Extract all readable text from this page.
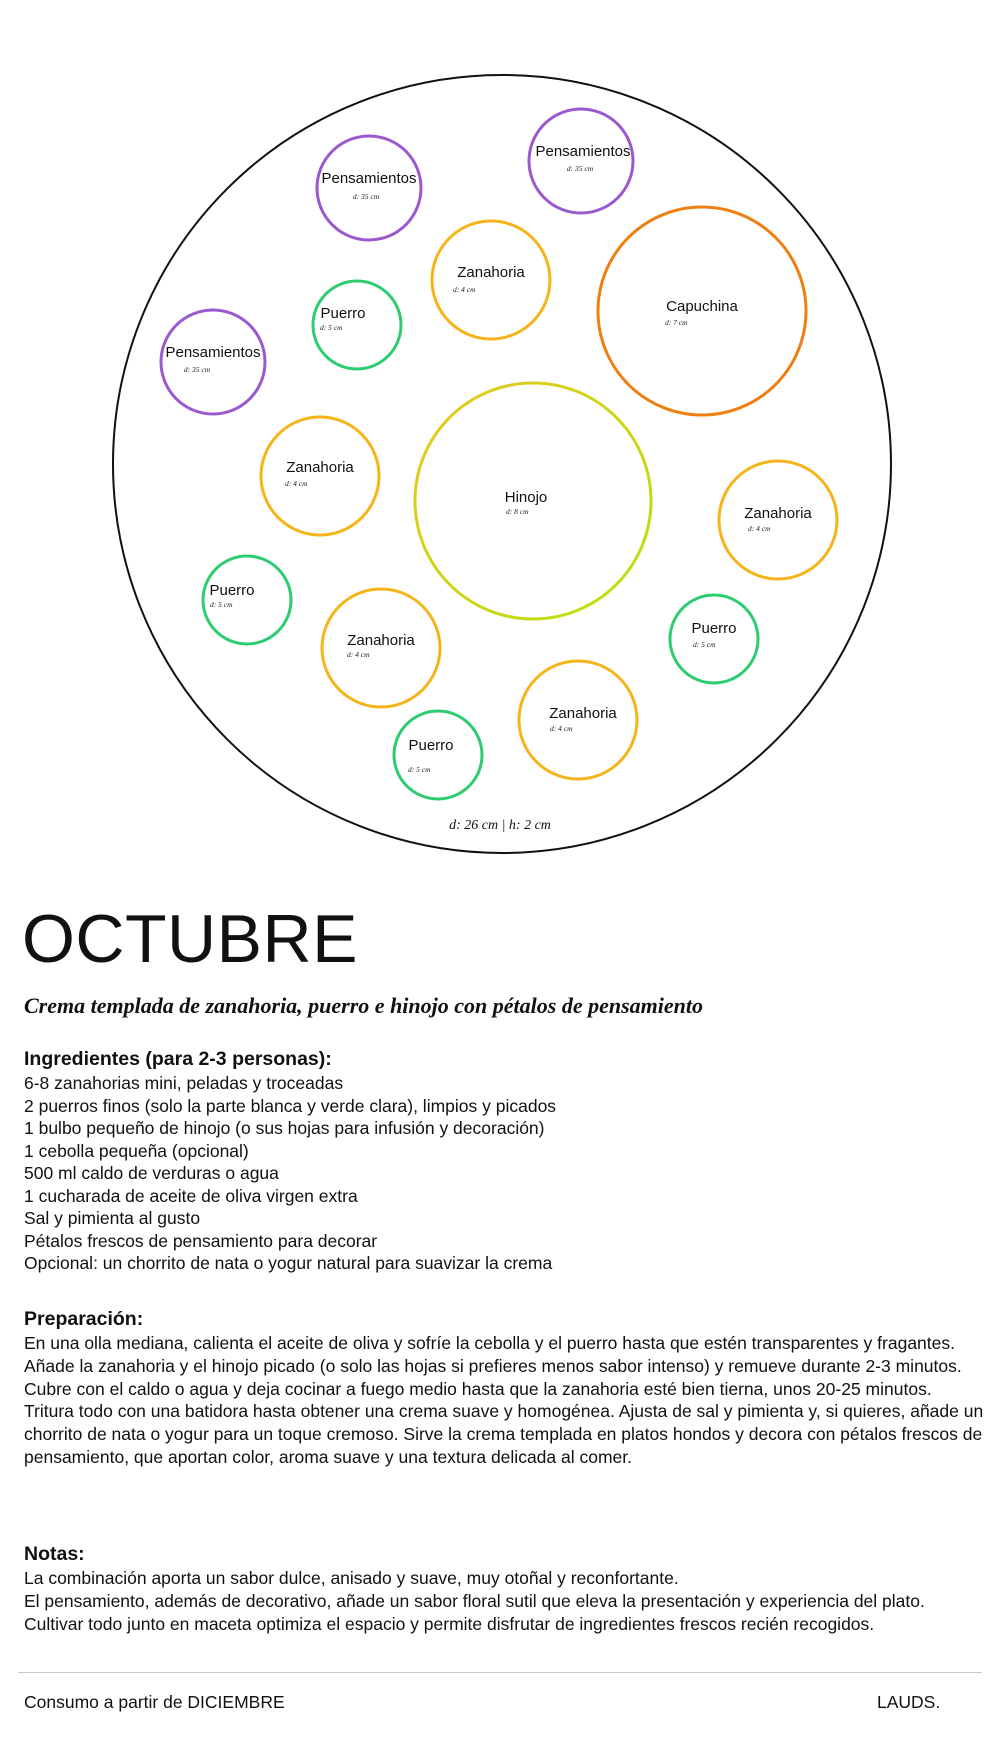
Pensamientos
d: 35 cm
Pensamientos
d: 35 cm
Zanahoria
d: 4 cm
Capuchina
d: 7 cm
Puerro
d: 5 cm
Pensamientos
d: 35 cm
Zanahoria
d: 4 cm
Hinojo
d: 8 cm	Zanahoria
d: 4 cm
Puerro
d: 5 cm
Zanahoria
d: 4 cm
Puerro
d: 5 cm
Zanahoria
d: 4 cm
Puerro
d: 5 cm
d: 26 cm | h: 2 cm
OCTUBRE
Crema templada de zanahoria, puerro e hinojo con pétalos de pensamiento
Ingredientes (para 2-3 personas):
6-8 zanahorias mini, peladas y troceadas
2 puerros finos (solo la parte blanca y verde clara), limpios y picados
1 bulbo pequeño de hinojo (o sus hojas para infusión y decoración)
1 cebolla pequeña (opcional)
500 ml caldo de verduras o agua
1 cucharada de aceite de oliva virgen extra
Sal y pimienta al gusto
Pétalos frescos de pensamiento para decorar
Opcional: un chorrito de nata o yogur natural para suavizar la crema
Preparación:

En una olla mediana, calienta el aceite de oliva y sofríe la cebolla y el puerro hasta que estén transparentes y fragantes. Añade la zanahoria y el hinojo picado (o solo las hojas si prefieres menos sabor intenso) y remueve durante 2-3 minutos. Cubre con el caldo o agua y deja cocinar a fuego medio hasta que la zanahoria esté bien tierna, unos 20-25 minutos. Tritura todo con una batidora hasta obtener una crema suave y homogénea. Ajusta de sal y pimienta y, si quieres, añade un chorrito de nata o yogur para un toque cremoso. Sirve la crema templada en platos hondos y decora con pétalos frescos de pensamiento, que aportan color, aroma suave y una textura delicada al comer.

Notas:

La combinación aporta un sabor dulce, anisado y suave, muy otoñal y reconfortante.

El pensamiento, además de decorativo, añade un sabor floral sutil que eleva la presentación y experiencia del plato.

Cultivar todo junto en maceta optimiza el espacio y permite disfrutar de ingredientes frescos recién recogidos.

Consumo a partir de DICIEMBRE	LAUDS.
